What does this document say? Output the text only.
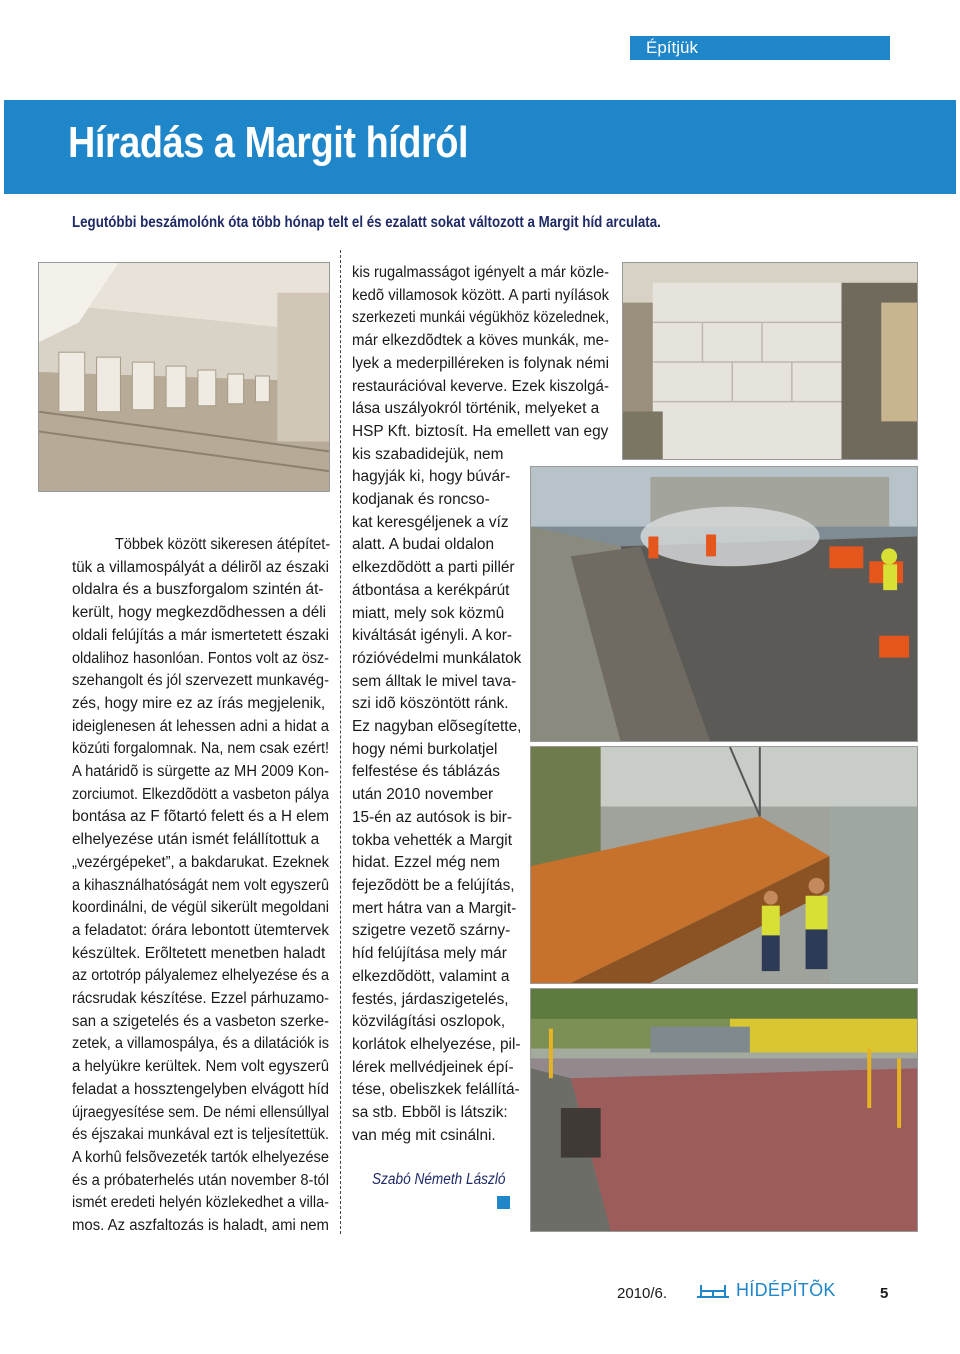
Építjük
Híradás a Margit hídról

Legutóbbi beszámolónk óta több hónap telt el és ezalatt sokat változott a Margit híd arculata.

Többek között sikeresen átépítet-
tük a villamospályát a délirõl az északi
oldalra és a buszforgalom szintén át-
került, hogy megkezdõdhessen a déli
oldali felújítás a már ismertetett északi
oldalihoz hasonlóan. Fontos volt az ösz-
szehangolt és jól szervezett munkavég-
zés, hogy mire ez az írás megjelenik,
ideiglenesen át lehessen adni a hidat a
közúti forgalomnak. Na, nem csak ezért!
A határidõ is sürgette az MH 2009 Kon-
zorciumot. Elkezdõdött a vasbeton pálya
bontása az F fõtartó felett és a H elem
elhelyezése után ismét felállítottuk a
„vezérgépeket”, a bakdarukat. Ezeknek
a kihasználhatóságát nem volt egyszerû
koordinálni, de végül sikerült megoldani
a feladatot: órára lebontott ütemtervek
készültek. Erõltetett menetben haladt
az ortotróp pályalemez elhelyezése és a
rácsrudak készítése. Ezzel párhuzamo-
san a szigetelés és a vasbeton szerke-
zetek, a villamospálya, és a dilatációk is
a helyükre kerültek. Nem volt egyszerû
feladat a hossztengelyben elvágott híd
újraegyesítése sem. De némi ellensúllyal
és éjszakai munkával ezt is teljesítettük.
A korhû felsõvezeték tartók elhelyezése
és a próbaterhelés után november 8-tól
ismét eredeti helyén közlekedhet a villa-
mos. Az aszfaltozás is haladt, ami nem
kis rugalmasságot igényelt a már közle-
kedõ villamosok között. A parti nyílások
szerkezeti munkái végükhöz közelednek,
már elkezdõdtek a köves munkák, me-
lyek a mederpilléreken is folynak némi
restaurációval keverve. Ezek kiszolgá-
lása uszályokról történik, melyeket a
HSP Kft. biztosít. Ha emellett van egy
kis szabadidejük, nem
hagyják ki, hogy búvár-
kodjanak és roncso-
kat keresgéljenek a víz
alatt. A budai oldalon
elkezdõdött a parti pillér
átbontása a kerékpárút
miatt, mely sok közmû
kiváltását igényli. A kor-
rózióvédelmi munkálatok
sem álltak le mivel tava-
szi idõ köszöntött ránk.
Ez nagyban elõsegítette,
hogy némi burkolatjel
felfestése és táblázás
után 2010 november
15-én az autósok is bir-
tokba vehették a Margit
hidat. Ezzel még nem
fejezõdött be a felújítás,
mert hátra van a Margit-
szigetre vezetõ szárny-
híd felújítása mely már
elkezdõdött, valamint a
festés, járdaszigetelés,
közvilágítási oszlopok,
korlátok elhelyezése, pil-
lérek mellvédjeinek épí-
tése, obeliszkek felállítá-
sa stb. Ebbõl is látszik:
van még mit csinálni.
Szabó Németh László
2010/6.	HÍDÉPÍTÕK	5
